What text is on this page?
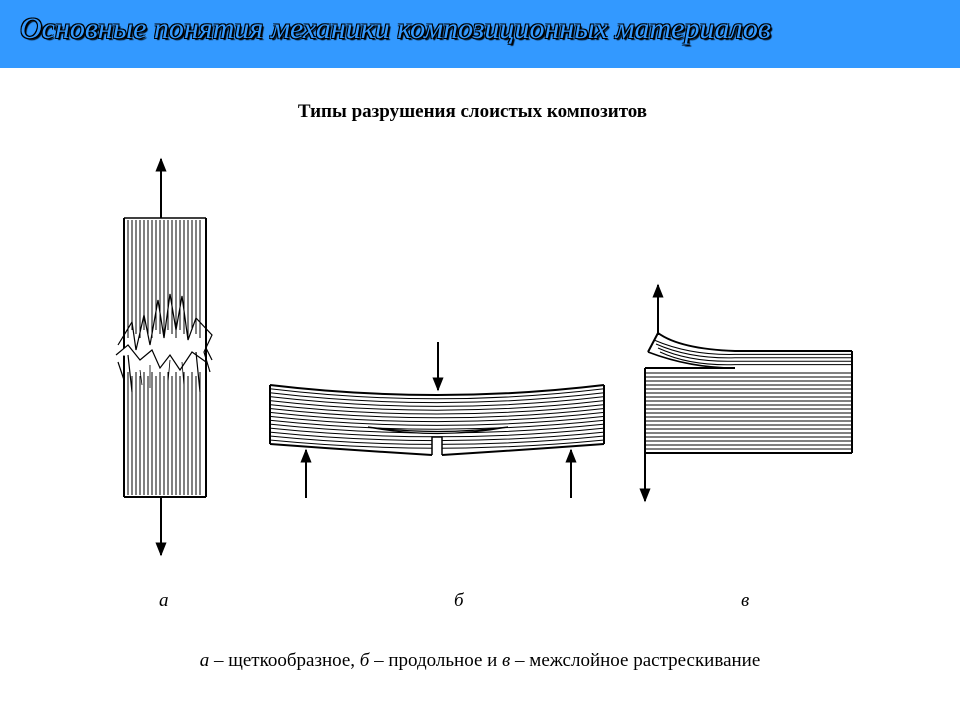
Основные понятия механики композиционных материалов
Типы разрушения слоистых композитов
а	б	в
а – щеткообразное, б – продольное и в – межслойное растрескивание
